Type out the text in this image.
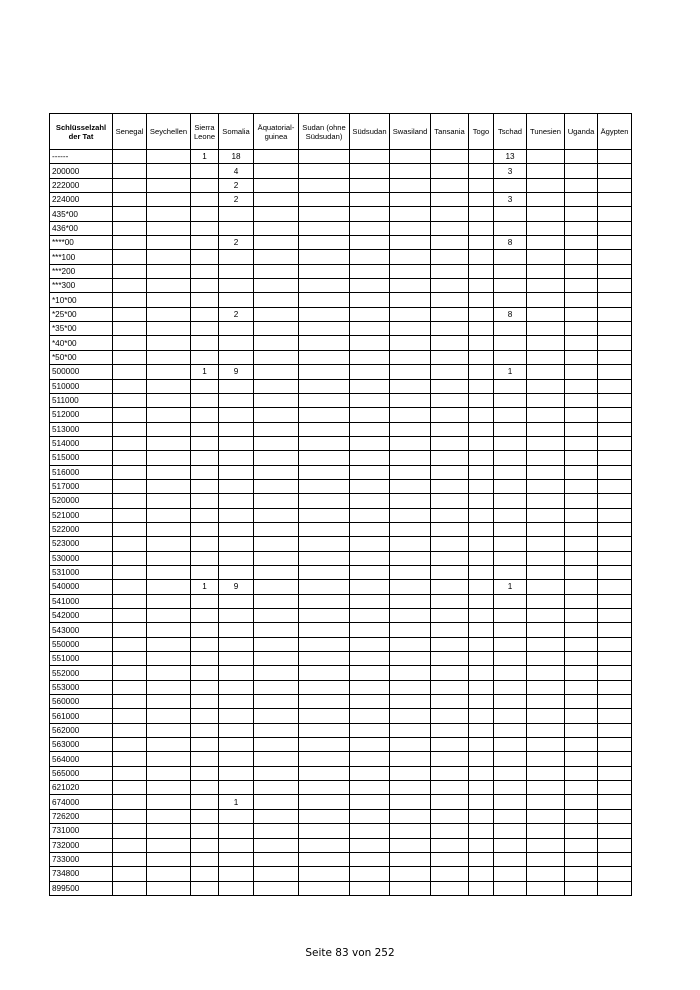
Schlüsselzahl der Tat	Senegal	Seychellen	Sierra Leone	Somalia	Äquatorial-guinea	Sudan (ohne Südsudan)	Südsudan	Swasiland	Tansania	Togo	Tschad	Tunesien	Uganda	Ägypten
------			1	18							13			
200000				4							3			
222000				2										
224000				2							3			
435*00														
436*00														
****00				2							8			
***100														
***200														
***300														
*10*00														
*25*00				2							8			
*35*00														
*40*00														
*50*00														
500000			1	9							1			
510000														
511000														
512000														
513000														
514000														
515000														
516000														
517000														
520000														
521000														
522000														
523000														
530000														
531000														
540000			1	9							1			
541000														
542000														
543000														
550000														
551000														
552000														
553000														
560000														
561000														
562000														
563000														
564000														
565000														
621020														
674000				1										
726200														
731000														
732000														
733000														
734800														
899500														
Seite 83 von 252
